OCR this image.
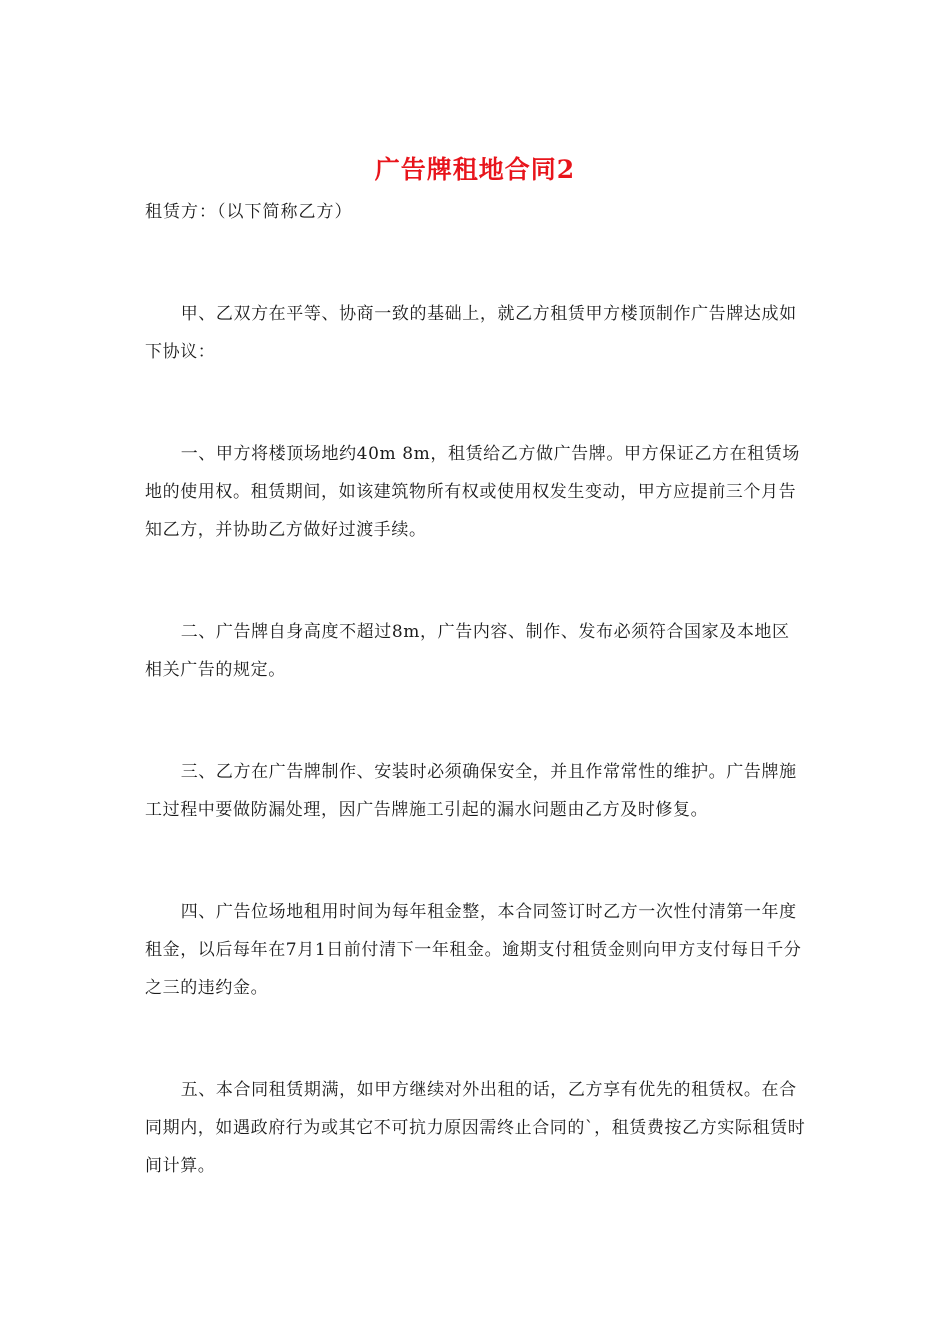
广告牌租地合同2
租赁方：（以下简称乙方）

甲、乙双方在平等、协商一致的基础上，就乙方租赁甲方楼顶制作广告牌达成如下协议：

一、甲方将楼顶场地约40m 8m，租赁给乙方做广告牌。甲方保证乙方在租赁场地的使用权。租赁期间，如该建筑物所有权或使用权发生变动，甲方应提前三个月告知乙方，并协助乙方做好过渡手续。

二、广告牌自身高度不超过8m，广告内容、制作、发布必须符合国家及本地区相关广告的规定。

三、乙方在广告牌制作、安装时必须确保安全，并且作常常性的维护。广告牌施工过程中要做防漏处理，因广告牌施工引起的漏水问题由乙方及时修复。

四、广告位场地租用时间为每年租金整，本合同签订时乙方一次性付清第一年度租金，以后每年在7月1日前付清下一年租金。逾期支付租赁金则向甲方支付每日千分之三的违约金。

五、本合同租赁期满，如甲方继续对外出租的话，乙方享有优先的租赁权。在合同期内，如遇政府行为或其它不可抗力原因需终止合同的`，租赁费按乙方实际租赁时间计算。
